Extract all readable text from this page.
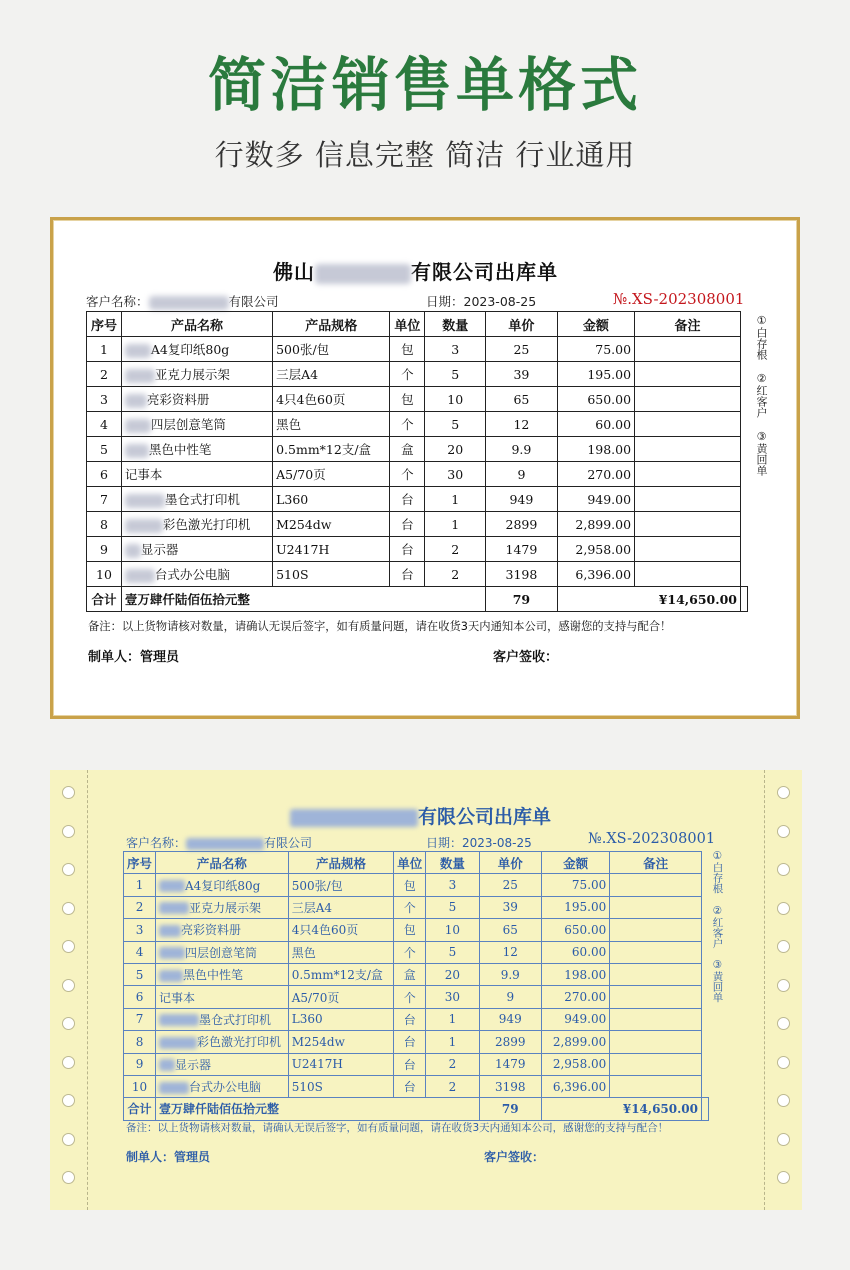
简洁销售单格式
行数多 信息完整 简洁 行业通用
佛山	有限公司出库单
客户名称：	有限公司	日期：2023-08-25	№.XS-202308001
序号	产品名称	产品规格	单位	数量	单价	金额	备注	
1	A4复印纸80g	500张/包	包	3	25	75.00		
2	亚克力展示架	三层A4	个	5	39	195.00		
3	亮彩资料册	4只4色60页	包	10	65	650.00		
4	四层创意笔筒	黑色	个	5	12	60.00		
5	黑色中性笔	0.5mm*12支/盒	盒	20	9.9	198.00		
6	记事本	A5/70页	个	30	9	270.00		
7	墨仓式打印机	L360	台	1	949	949.00		
8	彩色激光打印机	M254dw	台	1	2899	2,899.00		
9	显示器	U2417H	台	2	1479	2,958.00		
10	台式办公电脑	510S	台	2	3198	6,396.00		
合计	壹万肆仟陆佰伍拾元整				79	¥14,650.00		
①白存根
②红客户
③黄回单
备注：以上货物请核对数量，请确认无误后签字，如有质量问题，请在收货3天内通知本公司，感谢您的支持与配合！
制单人：管理员	客户签收：
有限公司出库单
客户名称：	有限公司	日期：2023-08-25	№.XS-202308001
序号	产品名称	产品规格	单位	数量	单价	金额	备注	
1	A4复印纸80g	500张/包	包	3	25	75.00		
2	亚克力展示架	三层A4	个	5	39	195.00		
3	亮彩资料册	4只4色60页	包	10	65	650.00		
4	四层创意笔筒	黑色	个	5	12	60.00		
5	黑色中性笔	0.5mm*12支/盒	盒	20	9.9	198.00		
6	记事本	A5/70页	个	30	9	270.00		
7	墨仓式打印机	L360	台	1	949	949.00		
8	彩色激光打印机	M254dw	台	1	2899	2,899.00		
9	显示器	U2417H	台	2	1479	2,958.00		
10	台式办公电脑	510S	台	2	3198	6,396.00		
合计	壹万肆仟陆佰伍拾元整				79	¥14,650.00		
①白存根
②红客户
③黄回单
备注：以上货物请核对数量，请确认无误后签字，如有质量问题，请在收货3天内通知本公司，感谢您的支持与配合！
制单人：管理员	客户签收：
